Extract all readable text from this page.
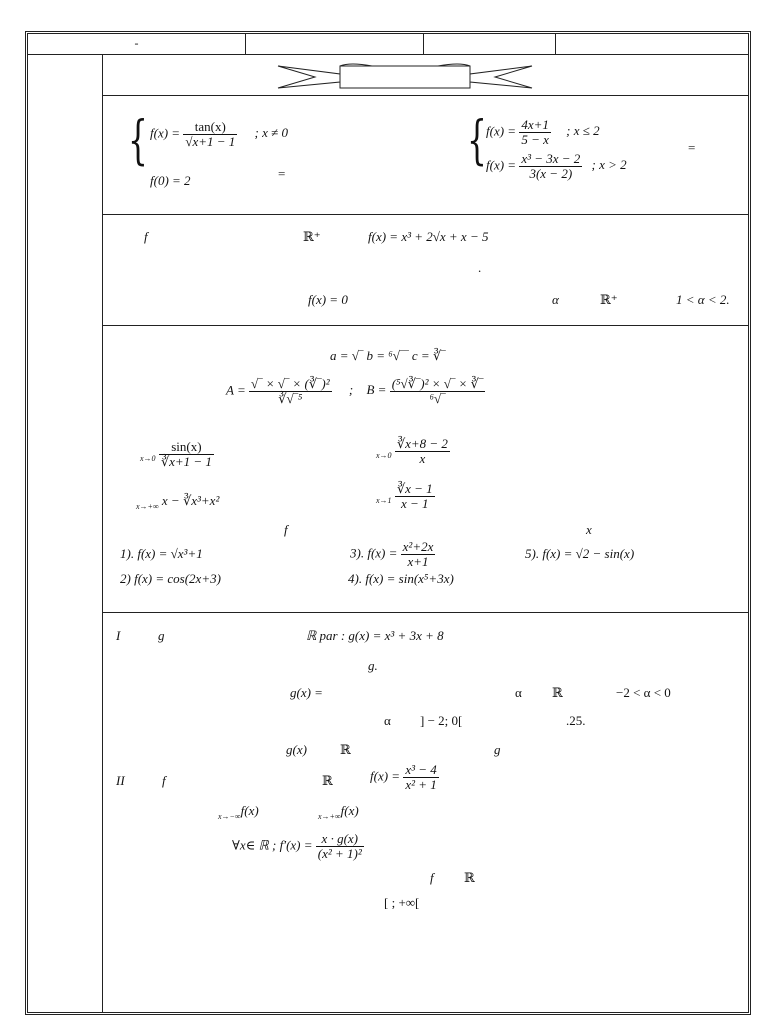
-
{ $f(x) = \frac{\tan(x)}{√x+1 - 1}$ ; x ≠ 0
f(0) = 2	=
{ $f(x) = \frac{4x+1}{5 - x}$ ; x ≤ 2
$f(x) = \frac{\text{x³ − 3x − 2}}{3(x - 2)}$ ; x > 2
=
f	ℝ⁺	f(x) = x³ + 2√x + x − 5
.
f(x) = 0	α	ℝ⁺	1 < α < 2.
a = √‾ b = ⁶√‾‾ c = ∛‾
$A = \frac{\text{√‾ × √‾ × (∛‾)²}}{\text{∛√‾⁵}}$ ; $B = \frac{\text{(⁵√∛‾)² × √‾ × ∛‾}}{\text{⁶√‾}}$
$_{x\to 0} \frac{\sin(x)}{∛x+1 - 1}$	$_{x\to 0} \frac{∛x+8 - 2}{x}$
$_{x\to+\infty}$ x − ∛x³+x²	$_{x\to 1} \frac{∛x - 1}{x - 1}$
f	x
1). f(x) = √x³+1	3). $f(x) = \frac{\text{x²+2x}}{x+1}$	5). f(x) = √2 − sin(x)
2) f(x) = cos(2x+3)	4). f(x) = sin(x⁵+3x)
I	g	ℝ par : g(x) = x³ + 3x + 8
g.
g(x) =	α ℝ	−2 < α < 0
α ] − 2; 0[	.25.
g(x)	ℝ	g
II	f	ℝ	$f(x) = \frac{\text{x³ − 4}}{\text{x² + 1}}$
$_{x\to-\infty}$f(x)	$_{x\to+\infty}$f(x)
∀x∈ ℝ ; $f'(x) = \frac{x \cdot g(x)}{\text{(x² + 1)²}}$
f ℝ
[ ; +∞[
